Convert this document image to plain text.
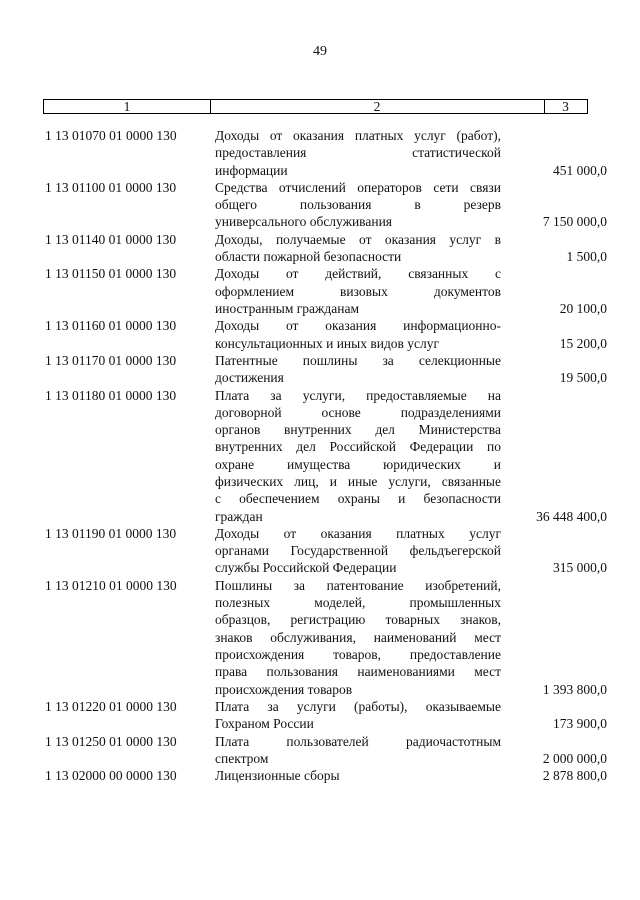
49
1	2	3
1 13 01070 01 0000 130	Доходы от оказания платных услуг (работ),
предоставления статистической
информации	451 000,0
1 13 01100 01 0000 130	Средства отчислений операторов сети связи
общего пользования в резерв
универсального обслуживания	7 150 000,0
1 13 01140 01 0000 130	Доходы, получаемые от оказания услуг в
области пожарной безопасности	1 500,0
1 13 01150 01 0000 130	Доходы от действий, связанных с
оформлением визовых документов
иностранным гражданам	20 100,0
1 13 01160 01 0000 130	Доходы от оказания информационно-
консультационных и иных видов услуг	15 200,0
1 13 01170 01 0000 130	Патентные пошлины за селекционные
достижения	19 500,0
1 13 01180 01 0000 130	Плата за услуги, предоставляемые на
договорной основе подразделениями
органов внутренних дел Министерства
внутренних дел Российской Федерации по
охране имущества юридических и
физических лиц, и иные услуги, связанные
с обеспечением охраны и безопасности
граждан	36 448 400,0
1 13 01190 01 0000 130	Доходы от оказания платных услуг
органами Государственной фельдъегерской
службы Российской Федерации	315 000,0
1 13 01210 01 0000 130	Пошлины за патентование изобретений,
полезных моделей, промышленных
образцов, регистрацию товарных знаков,
знаков обслуживания, наименований мест
происхождения товаров, предоставление
права пользования наименованиями мест
происхождения товаров	1 393 800,0
1 13 01220 01 0000 130	Плата за услуги (работы), оказываемые
Гохраном России	173 900,0
1 13 01250 01 0000 130	Плата пользователей радиочастотным
спектром	2 000 000,0
1 13 02000 00 0000 130	Лицензионные сборы	2 878 800,0
